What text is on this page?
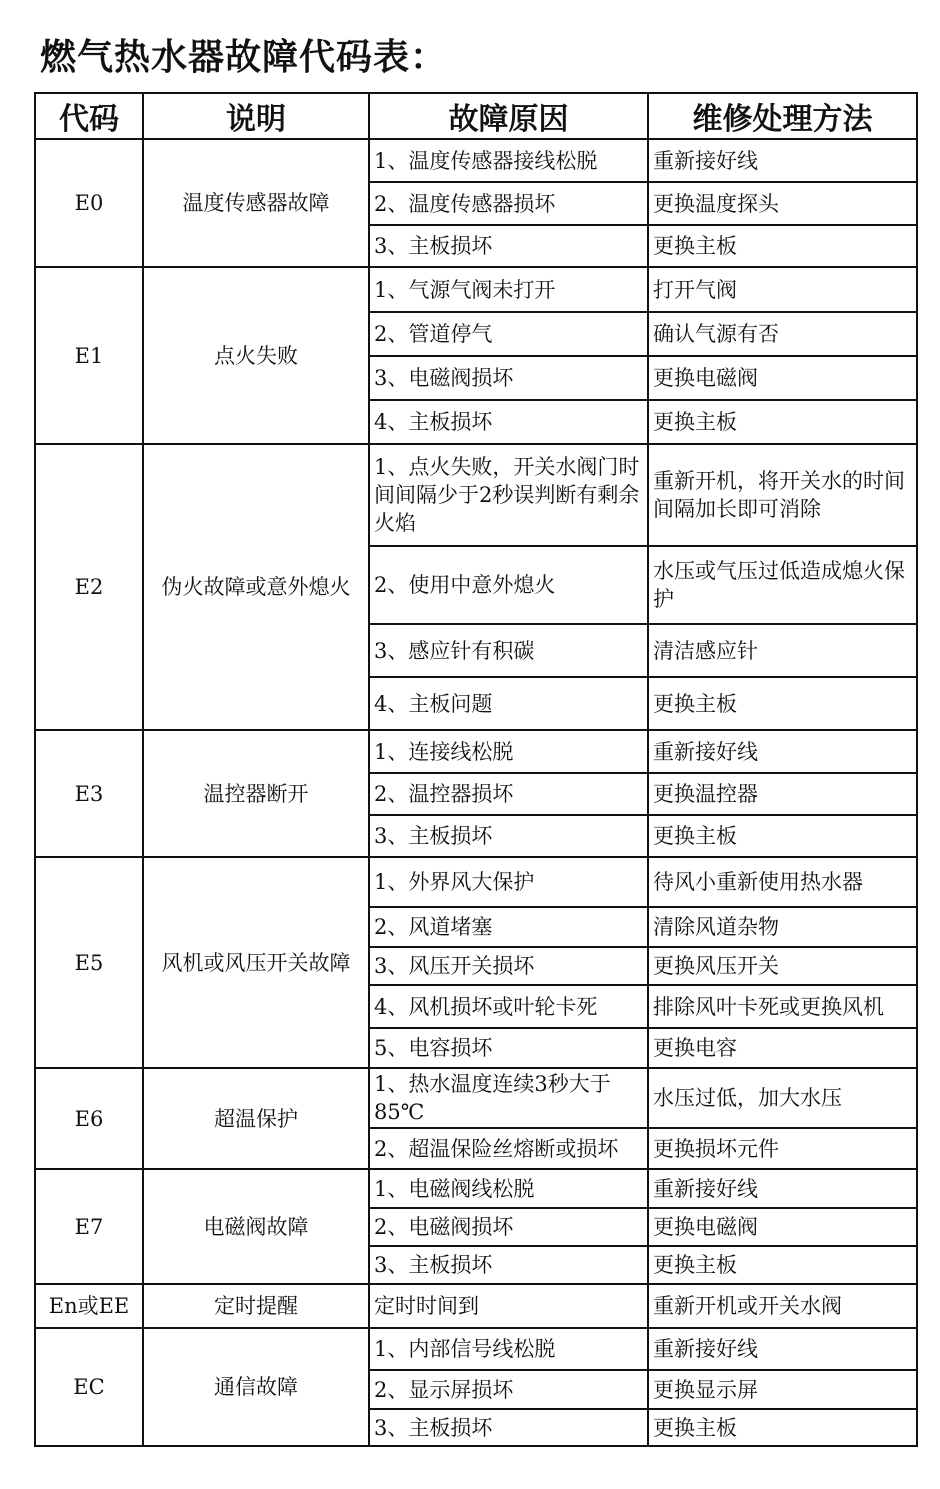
燃气热水器故障代码表：
代码	说明	故障原因	维修处理方法
E0	温度传感器故障	1、温度传感器接线松脱	重新接好线
		2、温度传感器损坏	更换温度探头
		3、主板损坏	更换主板
E1	点火失败	1、气源气阀未打开	打开气阀
		2、管道停气	确认气源有否
		3、电磁阀损坏	更换电磁阀
		4、主板损坏	更换主板
E2	伪火故障或意外熄火	1、点火失败，开关水阀门时间间隔少于2秒误判断有剩余火焰	重新开机，将开关水的时间间隔加长即可消除
		2、使用中意外熄火	水压或气压过低造成熄火保护
		3、感应针有积碳	清洁感应针
		4、主板问题	更换主板
E3	温控器断开	1、连接线松脱	重新接好线
		2、温控器损坏	更换温控器
		3、主板损坏	更换主板
E5	风机或风压开关故障	1、外界风大保护	待风小重新使用热水器
		2、风道堵塞	清除风道杂物
		3、风压开关损坏	更换风压开关
		4、风机损坏或叶轮卡死	排除风叶卡死或更换风机
		5、电容损坏	更换电容
E6	超温保护	1、热水温度连续3秒大于85℃	水压过低，加大水压
		2、超温保险丝熔断或损坏	更换损坏元件
E7	电磁阀故障	1、电磁阀线松脱	重新接好线
		2、电磁阀损坏	更换电磁阀
		3、主板损坏	更换主板
En或EE	定时提醒	定时时间到	重新开机或开关水阀
EC	通信故障	1、内部信号线松脱	重新接好线
		2、显示屏损坏	更换显示屏
		3、主板损坏	更换主板
